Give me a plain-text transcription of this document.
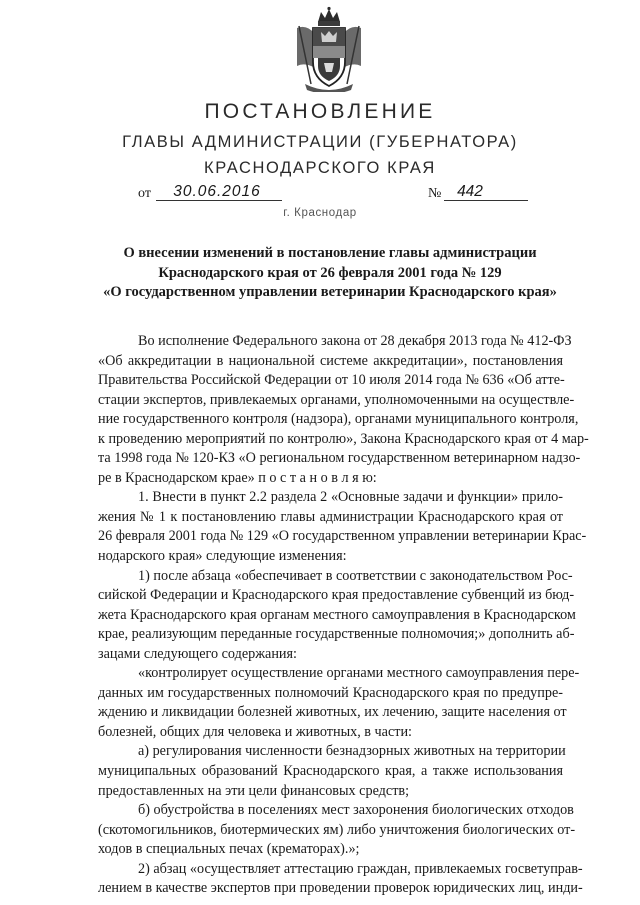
ПОСТАНОВЛЕНИЕ
ГЛАВЫ АДМИНИСТРАЦИИ (ГУБЕРНАТОРА)
КРАСНОДАРСКОГО КРАЯ
от	30.06.2016	№	442
г. Краснодар
О внесении изменений в постановление главы администрации
Краснодарского края от 26 февраля 2001 года № 129
«О государственном управлении ветеринарии Краснодарского края»
Во исполнение Федерального закона от 28 декабря 2013 года № 412-ФЗ
«Об аккредитации в национальной системе аккредитации», постановления
Правительства Российской Федерации от 10 июля 2014 года № 636 «Об атте-
стации экспертов, привлекаемых органами, уполномоченными на осуществле-
ние государственного контроля (надзора), органами муниципального контроля,
к проведению мероприятий по контролю», Закона Краснодарского края от 4 мар-
та 1998 года № 120-КЗ «О региональном государственном ветеринарном надзо-
ре в Краснодарском крае» п о с т а н о в л я ю:
1. Внести в пункт 2.2 раздела 2 «Основные задачи и функции» прило-
жения № 1 к постановлению главы администрации Краснодарского края от
26 февраля 2001 года № 129 «О государственном управлении ветеринарии Крас-
нодарского края» следующие изменения:
1) после абзаца «обеспечивает в соответствии с законодательством Рос-
сийской Федерации и Краснодарского края предоставление субвенций из бюд-
жета Краснодарского края органам местного самоуправления в Краснодарском
крае, реализующим переданные государственные полномочия;» дополнить аб-
зацами следующего содержания:
«контролирует осуществление органами местного самоуправления пере-
данных им государственных полномочий Краснодарского края по предупре-
ждению и ликвидации болезней животных, их лечению, защите населения от
болезней, общих для человека и животных, в части:
а) регулирования численности безнадзорных животных на территории
муниципальных образований Краснодарского края, а также использования
предоставленных на эти цели финансовых средств;
б) обустройства в поселениях мест захоронения биологических отходов
(скотомогильников, биотермических ям) либо уничтожения биологических от-
ходов в специальных печах (крематорах).»;
2) абзац «осуществляет аттестацию граждан, привлекаемых госветуправ-
лением в качестве экспертов при проведении проверок юридических лиц, инди-
